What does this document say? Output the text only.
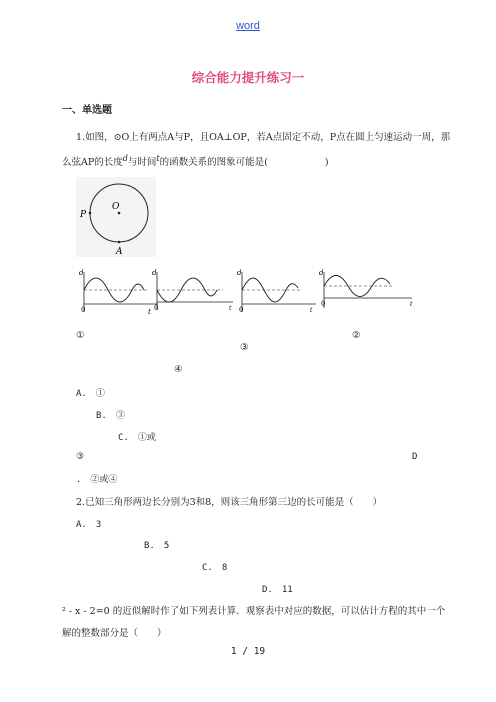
word
综合能力提升练习一
一、单选题
1.如图，⊙O上有两点A与P，且OA⊥OP，若A点固定不动，P点在圆上匀速运动一周，那
么弦AP的长度$^d$与时间$^t$的函数关系的图象可能是(　　　　　　)
O
P
A
d
0	t
d
0	t
d
0	t
d
0	t
①	②
③
④
A.　①
B.　③
C.　①或
③	D
.　②或④
2.已知三角形两边长分别为3和8，则该三角形第三边的长可能是（　　）
A.　3
B.　5
C.　8
D.　11
² - x - 2=0 的近似解时作了如下列表计算．观察表中对应的数据，可以估计方程的其中一个
解的整数部分是（　　）
1 / 19
